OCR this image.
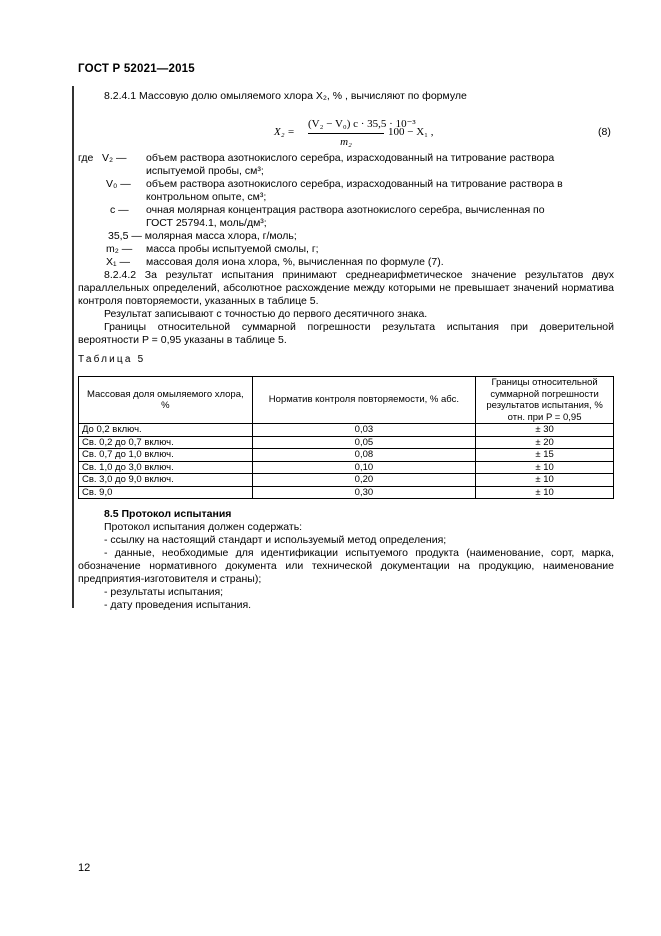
ГОСТ Р 52021—2015
8.2.4.1 Массовую долю омыляемого хлора X₂, % , вычисляют по формуле
$X_2 = \frac{\text{(V₂ − V₀) c · 35,5 · 10⁻³}}{\text{m₂}} 100 - X_1$ ,	(8)
где V₂ — объем раствора азотнокислого серебра, израсходованный на титрование раствора
испытуемой пробы, см³;
V₀ — объем раствора азотнокислого серебра, израсходованный на титрование раствора в
контрольном опыте, см³;
c — очная молярная концентрация раствора азотнокислого серебра, вычисленная по
ГОСТ 25794.1, моль/дм³;
35,5 — молярная масса хлора, г/моль;
m₂ — масса пробы испытуемой смолы, г;
X₁ — массовая доля иона хлора, %, вычисленная по формуле (7).
8.2.4.2 За результат испытания принимают среднеарифметическое значение результатов двух параллельных определений, абсолютное расхождение между которыми не превышает значений норматива контроля повторяемости, указанных в таблице 5.
Результат записывают с точностью до первого десятичного знака.
Границы относительной суммарной погрешности результата испытания при доверительной вероятности P = 0,95 указаны в таблице 5.
Таблица 5
Массовая доля омыляемого хлора, %	Норматив контроля повторяемости, % абс.	Границы относительной суммарной погрешности результатов испытания, % отн. при P = 0,95
До 0,2 включ.	0,03	± 30
Св. 0,2 до 0,7 включ.	0,05	± 20
Св. 0,7 до 1,0 включ.	0,08	± 15
Св. 1,0 до 3,0 включ.	0,10	± 10
Св. 3,0 до 9,0 включ.	0,20	± 10
Св. 9,0	0,30	± 10
8.5 Протокол испытания
Протокол испытания должен содержать:
- ссылку на настоящий стандарт и используемый метод определения;
- данные, необходимые для идентификации испытуемого продукта (наименование, сорт, марка, обозначение нормативного документа или технической документации на продукцию, наименование предприятия-изготовителя и страны);
- результаты испытания;
- дату проведения испытания.
12
